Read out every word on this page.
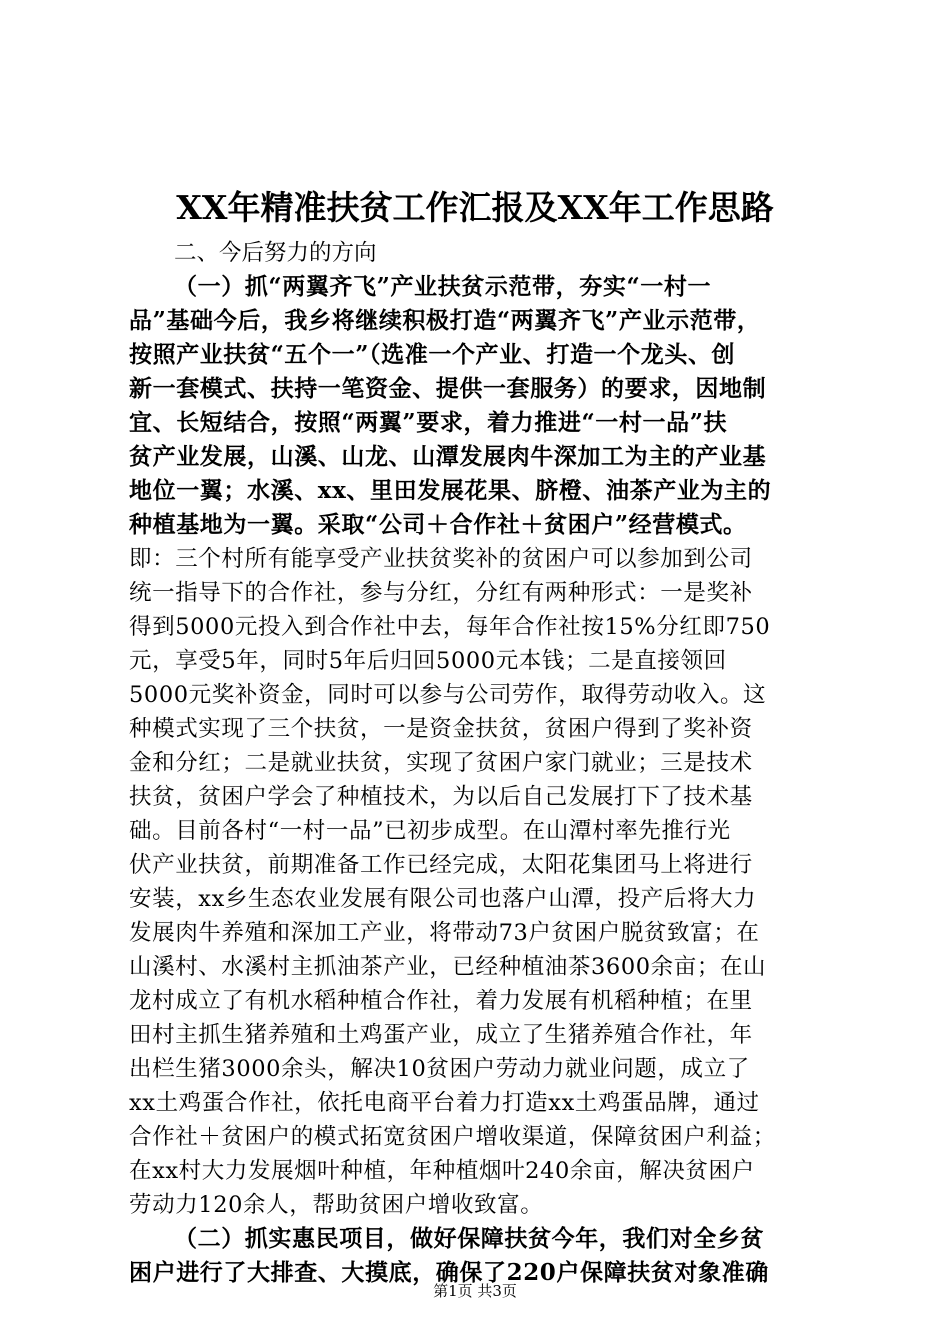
XX年精准扶贫工作汇报及XX年工作思路
二、今后努力的方向
（一）抓“两翼齐飞”产业扶贫示范带，夯实“一村一
品”基础今后，我乡将继续积极打造“两翼齐飞”产业示范带，
按照产业扶贫“五个一”（选准一个产业、打造一个龙头、创
新一套模式、扶持一笔资金、提供一套服务）的要求，因地制
宜、长短结合，按照“两翼”要求，着力推进“一村一品”扶
贫产业发展，山溪、山龙、山潭发展肉牛深加工为主的产业基
地位一翼；水溪、xx、里田发展花果、脐橙、油茶产业为主的
种植基地为一翼。采取“公司＋合作社＋贫困户”经营模式。
即：三个村所有能享受产业扶贫奖补的贫困户可以参加到公司
统一指导下的合作社，参与分红，分红有两种形式：一是奖补
得到5000元投入到合作社中去，每年合作社按15%分红即750
元，享受5年，同时5年后归回5000元本钱；二是直接领回
5000元奖补资金，同时可以参与公司劳作，取得劳动收入。这
种模式实现了三个扶贫，一是资金扶贫，贫困户得到了奖补资
金和分红；二是就业扶贫，实现了贫困户家门就业；三是技术
扶贫，贫困户学会了种植技术，为以后自己发展打下了技术基
础。目前各村“一村一品”已初步成型。在山潭村率先推行光
伏产业扶贫，前期准备工作已经完成，太阳花集团马上将进行
安装，xx乡生态农业发展有限公司也落户山潭，投产后将大力
发展肉牛养殖和深加工产业，将带动73户贫困户脱贫致富；在
山溪村、水溪村主抓油茶产业，已经种植油茶3600余亩；在山
龙村成立了有机水稻种植合作社，着力发展有机稻种植；在里
田村主抓生猪养殖和土鸡蛋产业，成立了生猪养殖合作社，年
出栏生猪3000余头，解决10贫困户劳动力就业问题，成立了
xx土鸡蛋合作社，依托电商平台着力打造xx土鸡蛋品牌，通过
合作社＋贫困户的模式拓宽贫困户增收渠道，保障贫困户利益；
在xx村大力发展烟叶种植，年种植烟叶240余亩，解决贫困户
劳动力120余人，帮助贫困户增收致富。
（二）抓实惠民项目，做好保障扶贫今年，我们对全乡贫
困户进行了大排查、大摸底，确保了220户保障扶贫对象准确
第1页 共3页
